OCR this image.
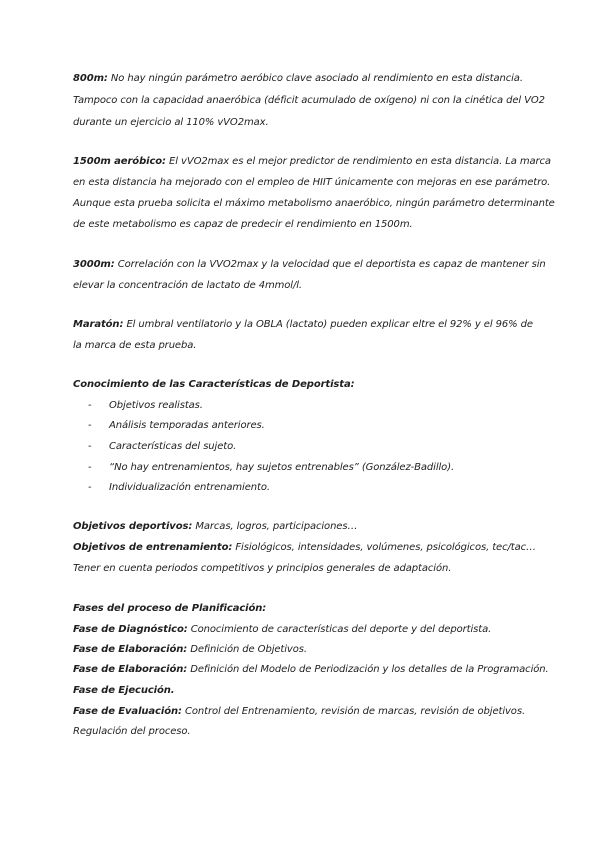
800m: No hay ningún parámetro aeróbico clave asociado al rendimiento en esta distancia.
Tampoco con la capacidad anaeróbica (déficit acumulado de oxígeno) ni con la cinética del VO2
durante un ejercicio al 110% vVO2max.
1500m aeróbico: El vVO2max es el mejor predictor de rendimiento en esta distancia. La marca
en esta distancia ha mejorado con el empleo de HIIT únicamente con mejoras en ese parámetro.
Aunque esta prueba solicita el máximo metabolismo anaeróbico, ningún parámetro determinante
de este metabolismo es capaz de predecir el rendimiento en 1500m.
3000m: Correlación con la VVO2max y la velocidad que el deportista es capaz de mantener sin
elevar la concentración de lactato de 4mmol/l.
Maratón: El umbral ventilatorio y la OBLA (lactato) pueden explicar eltre el 92% y el 96% de
la marca de esta prueba.
Conocimiento de las Características de Deportista:
- Objetivos realistas.
- Análisis temporadas anteriores.
- Características del sujeto.
- “No hay entrenamientos, hay sujetos entrenables” (González-Badillo).
- Individualización entrenamiento.
Objetivos deportivos: Marcas, logros, participaciones…
Objetivos de entrenamiento: Fisiológicos, intensidades, volúmenes, psicológicos, tec/tac…
Tener en cuenta periodos competitivos y principios generales de adaptación.
Fases del proceso de Planificación:
Fase de Diagnóstico: Conocimiento de características del deporte y del deportista.
Fase de Elaboración: Definición de Objetivos.
Fase de Elaboración: Definición del Modelo de Periodización y los detalles de la Programación.
Fase de Ejecución.
Fase de Evaluación: Control del Entrenamiento, revisión de marcas, revisión de objetivos.
Regulación del proceso.
